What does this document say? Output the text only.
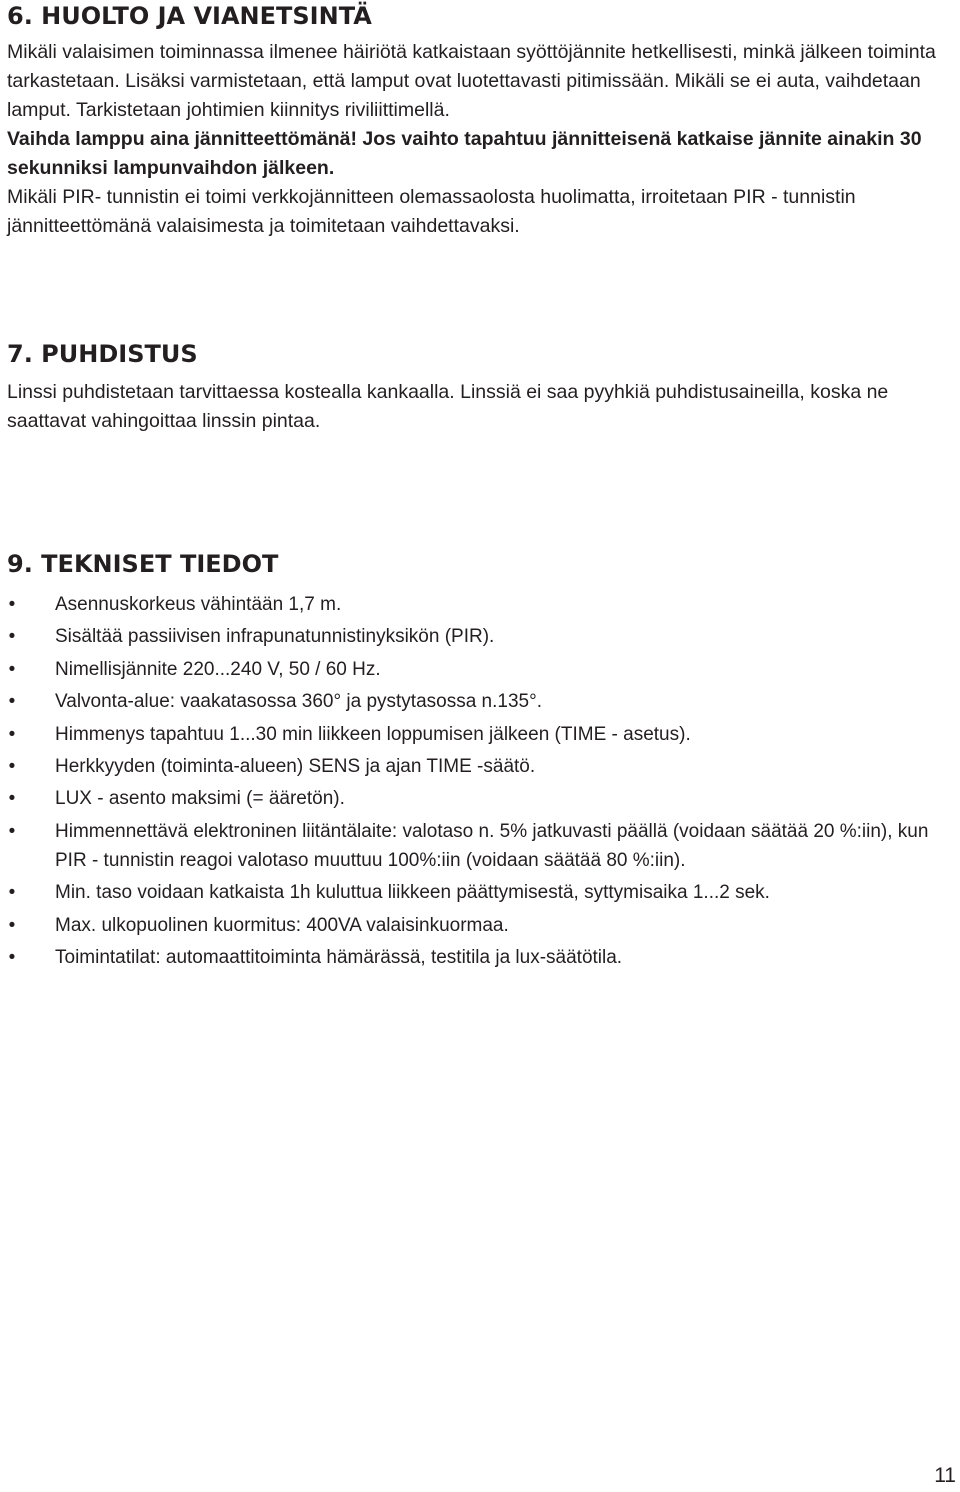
6. HUOLTO JA VIANETSINTÄ

Mikäli valaisimen toiminnassa ilmenee häiriötä katkaistaan syöttöjännite hetkellisesti, minkä jälkeen toiminta tarkastetaan. Lisäksi varmistetaan, että lamput ovat luotettavasti pitimissään. Mikäli se ei auta, vaihdetaan lamput. Tarkistetaan johtimien kiinnitys riviliittimellä.

Vaihda lamppu aina jännitteettömänä! Jos vaihto tapahtuu jännitteisenä katkaise jännite ainakin 30 sekunniksi lampunvaihdon jälkeen.

Mikäli PIR- tunnistin ei toimi verkkojännitteen olemassaolosta huolimatta, irroitetaan PIR - tunnistin jännitteettömänä valaisimesta ja toimitetaan vaihdettavaksi.

7. PUHDISTUS

Linssi puhdistetaan tarvittaessa kostealla kankaalla. Linssiä ei saa pyyhkiä puhdistusaineilla, koska ne saattavat vahingoittaa linssin pintaa.

9. TEKNISET TIEDOT
• Asennuskorkeus vähintään 1,7 m.
• Sisältää passiivisen infrapunatunnistinyksikön (PIR).
• Nimellisjännite 220...240 V, 50 / 60 Hz.
• Valvonta-alue: vaakatasossa 360° ja pystytasossa n.135°.
• Himmenys tapahtuu 1...30 min liikkeen loppumisen jälkeen (TIME - asetus).
• Herkkyyden (toiminta-alueen) SENS ja ajan TIME -säätö.
• LUX - asento maksimi (= ääretön).
• Himmennettävä elektroninen liitäntälaite: valotaso n. 5% jatkuvasti päällä (voidaan säätää 20 %:iin), kun PIR - tunnistin reagoi valotaso muuttuu 100%:iin (voidaan säätää 80 %:iin).
• Min. taso voidaan katkaista 1h kuluttua liikkeen päättymisestä, syttymisaika 1...2 sek.
• Max. ulkopuolinen kuormitus: 400VA valaisinkuormaa.
• Toimintatilat: automaattitoiminta hämärässä, testitila ja lux-säätötila.
11
